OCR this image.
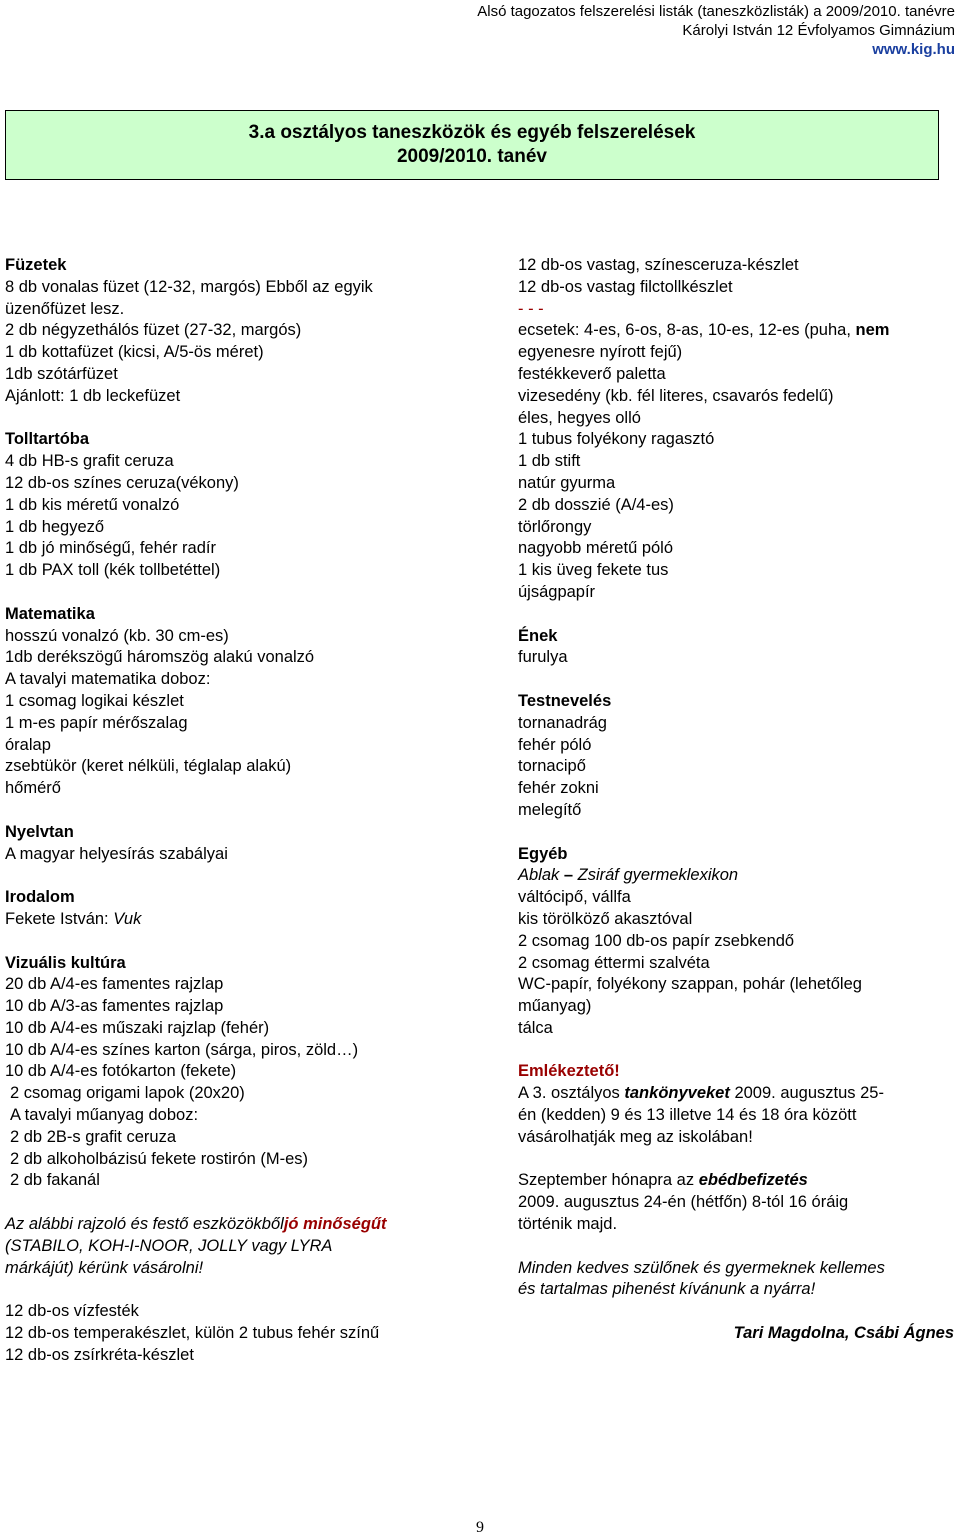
Alsó tagozatos felszerelési listák (taneszközlisták) a 2009/2010. tanévre
Károlyi István 12 Évfolyamos Gimnázium
www.kig.hu
3.a osztályos taneszközök és egyéb felszerelések
2009/2010. tanév
Füzetek
8 db vonalas füzet (12-32, margós) Ebből az egyik
üzenőfüzet lesz.
2 db négyzethálós füzet (27-32, margós)
1 db kottafüzet (kicsi, A/5-ös méret)
1db szótárfüzet
Ajánlott: 1 db leckefüzet
Tolltartóba
4 db HB-s grafit ceruza
12 db-os színes ceruza(vékony)
1 db kis méretű vonalzó
1 db hegyező
1 db jó minőségű, fehér radír
1 db PAX toll (kék tollbetéttel)
Matematika
hosszú vonalzó (kb. 30 cm-es)
1db derékszögű háromszög alakú vonalzó
A tavalyi matematika doboz:
1 csomag logikai készlet
1 m-es papír mérőszalag
óralap
zsebtükör (keret nélküli, téglalap alakú)
hőmérő
Nyelvtan
A magyar helyesírás szabályai
Irodalom
Fekete István: Vuk
Vizuális kultúra
20 db A/4-es famentes rajzlap
10 db A/3-as famentes rajzlap
10 db A/4-es műszaki rajzlap (fehér)
10 db A/4-es színes karton (sárga, piros, zöld…)
10 db A/4-es fotókarton (fekete)
2 csomag origami lapok (20x20)
A tavalyi műanyag doboz:
2 db 2B-s grafit ceruza
2 db alkoholbázisú fekete rostirón (M-es)
2 db fakanál
Az alábbi rajzoló és festő eszközökbőljó minőségűt
(STABILO, KOH-I-NOOR, JOLLY vagy LYRA
márkájút) kérünk vásárolni!
12 db-os vízfesték
12 db-os temperakészlet, külön 2 tubus fehér színű
12 db-os zsírkréta-készlet
12 db-os vastag, színesceruza-készlet
12 db-os vastag filctollkészlet
- - -
ecsetek: 4-es, 6-os, 8-as, 10-es, 12-es (puha, nem
egyenesre nyírott fejű)
festékkeverő paletta
vizesedény (kb. fél literes, csavarós fedelű)
éles, hegyes olló
1 tubus folyékony ragasztó
1 db stift
natúr gyurma
2 db dosszié (A/4-es)
törlőrongy
nagyobb méretű póló
1 kis üveg fekete tus
újságpapír
Ének
furulya
Testnevelés
tornanadrág
fehér póló
tornacipő
fehér zokni
melegítő
Egyéb
Ablak – Zsiráf gyermeklexikon
váltócipő, vállfa
kis törölköző akasztóval
2 csomag 100 db-os papír zsebkendő
2 csomag éttermi szalvéta
WC-papír, folyékony szappan, pohár (lehetőleg
műanyag)
tálca
Emlékeztető!
A 3. osztályos tankönyveket 2009. augusztus 25-
én (kedden) 9 és 13 illetve 14 és 18 óra között
vásárolhatják meg az iskolában!
Szeptember hónapra az ebédbefizetés
2009. augusztus 24-én (hétfőn) 8-tól 16 óráig
történik majd.
Minden kedves szülőnek és gyermeknek kellemes
és tartalmas pihenést kívánunk a nyárra!
Tari Magdolna, Csábi Ágnes
9
